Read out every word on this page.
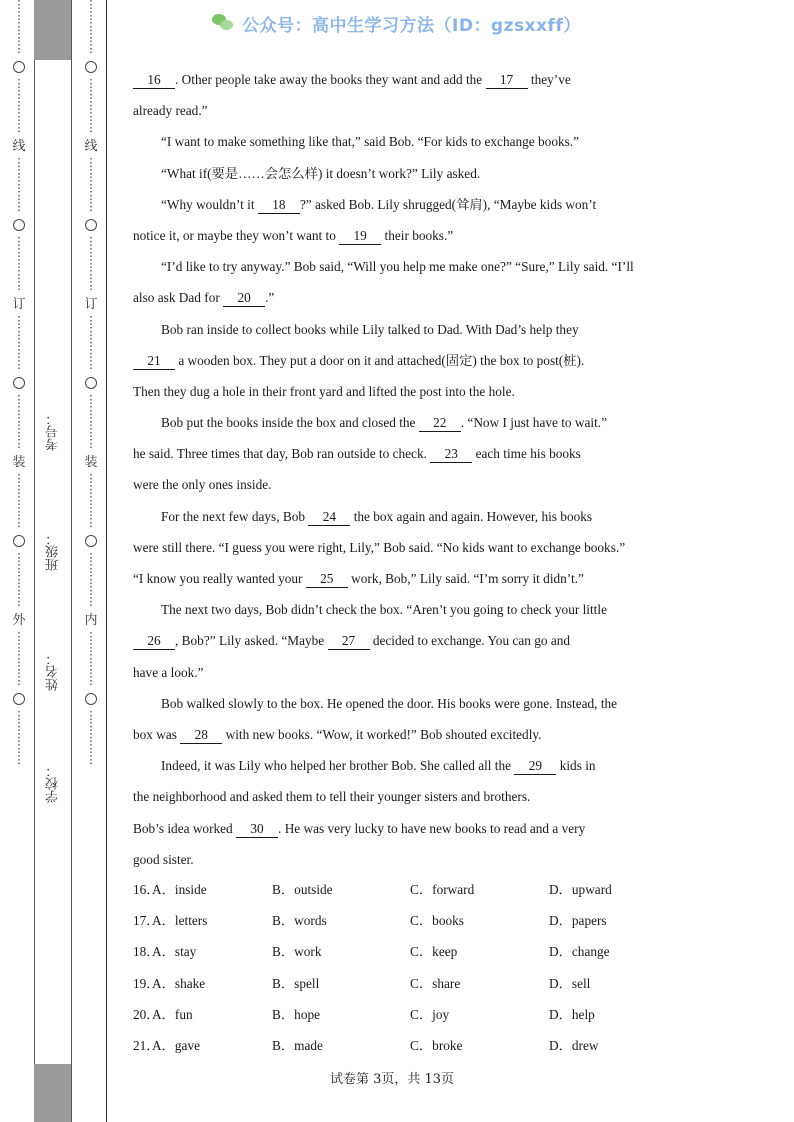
⋮
⋮
⋮
⋮
⋮
⋮
⋮
⋮
⋮
⋮
线
⋮
⋮
⋮
⋮
⋮
⋮
⋮
⋮
⋮
⋮
订
⋮
⋮
⋮
⋮
⋮
⋮
⋮
⋮
⋮
⋮
装
⋮
⋮
⋮
⋮
⋮
⋮
⋮
⋮
⋮
⋮
外
⋮
⋮
⋮
⋮
⋮
⋮
⋮
⋮
⋮
⋮
⋮
⋮
⋮
⋮
⋮
⋮
⋮
⋮
⋮
⋮
线
⋮
⋮
⋮
⋮
⋮
⋮
⋮
⋮
⋮
⋮
订
⋮
⋮
⋮
⋮
⋮
⋮
⋮
⋮
⋮
⋮
装
⋮
⋮
⋮
⋮
⋮
⋮
⋮
⋮
⋮
⋮
内
⋮
⋮
⋮
⋮
⋮
⋮
⋮
⋮
⋮
⋮
考号：
班级：
姓名：
学校：
公众号：高中生学习方法（ID：gzsxxff）
16 . Other people take away the books they want and add the 17 they’ve
already read.”
“I want to make something like that,” said Bob. “For kids to exchange books.”
“What if(要是……会怎么样) it doesn’t work?” Lily asked.
“Why wouldn’t it 18 ?” asked Bob. Lily shrugged(耸肩), “Maybe kids won’t
notice it, or maybe they won’t want to 19 their books.”
“I’d like to try anyway.” Bob said, “Will you help me make one?” “Sure,” Lily said. “I’ll
also ask Dad for 20 .”
Bob ran inside to collect books while Lily talked to Dad. With Dad’s help they
21 a wooden box. They put a door on it and attached(固定) the box to post(桩).
Then they dug a hole in their front yard and lifted the post into the hole.
Bob put the books inside the box and closed the 22 . “Now I just have to wait.”
he said. Three times that day, Bob ran outside to check. 23 each time his books
were the only ones inside.
For the next few days, Bob 24 the box again and again. However, his books
were still there. “I guess you were right, Lily,” Bob said. “No kids want to exchange books.”
“I know you really wanted your 25 work, Bob,” Lily said. “I’m sorry it didn’t.”
The next two days, Bob didn’t check the box. “Aren’t you going to check your little
26 , Bob?” Lily asked. “Maybe 27 decided to exchange. You can go and
have a look.”
Bob walked slowly to the box. He opened the door. His books were gone. Instead, the
box was 28 with new books. “Wow, it worked!” Bob shouted excitedly.
Indeed, it was Lily who helped her brother Bob. She called all the 29 kids in
the neighborhood and asked them to tell their younger sisters and brothers.
Bob’s idea worked 30 . He was very lucky to have new books to read and a very
good sister.
16．
A．inside	B．outside	C．forward	D．upward
17．
A．letters	B．words	C．books	D．papers
18．
A．stay	B．work	C．keep	D．change
19．
A．shake	B．spell	C．share	D．sell
20．
A．fun	B．hope	C．joy	D．help
21．
A．gave	B．made	C．broke	D．drew
试卷第 3页，共 13页
